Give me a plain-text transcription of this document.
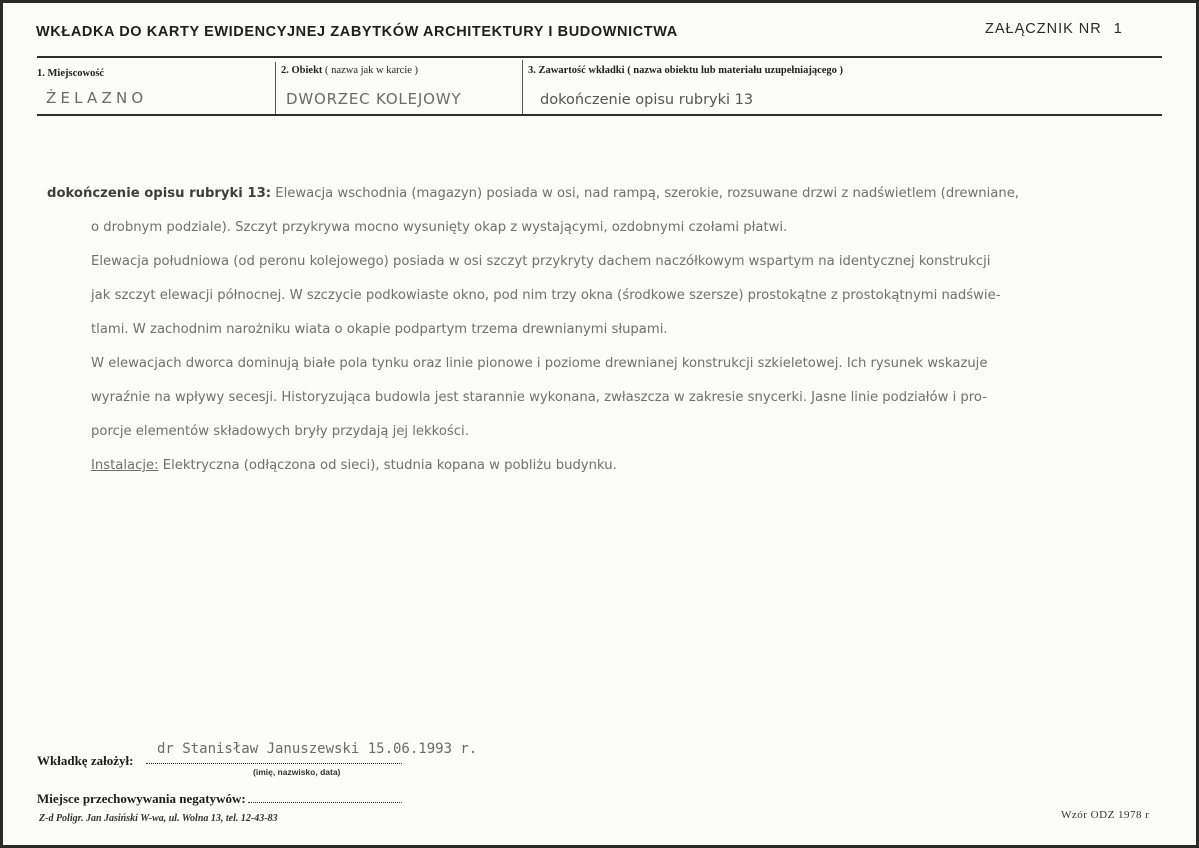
WKŁADKA DO KARTY EWIDENCYJNEJ ZABYTKÓW ARCHITEKTURY I BUDOWNICTWA	ZAŁĄCZNIK NR 1
1. Miejscowość
ŻELAZNO
2. Obiekt ( nazwa jak w karcie )
DWORZEC KOLEJOWY
3. Zawartość wkładki ( nazwa obiektu lub materiału uzupełniającego )
dokończenie opisu rubryki 13
dokończenie opisu rubryki 13: Elewacja wschodnia (magazyn) posiada w osi, nad rampą, szerokie, rozsuwane drzwi z nadświetlem (drewniane,
o drobnym podziale). Szczyt przykrywa mocno wysunięty okap z wystającymi, ozdobnymi czołami płatwi.
Elewacja południowa (od peronu kolejowego) posiada w osi szczyt przykryty dachem naczółkowym wspartym na identycznej konstrukcji
jak szczyt elewacji północnej. W szczycie podkowiaste okno, pod nim trzy okna (środkowe szersze) prostokątne z prostokątnymi nadświe-
tlami. W zachodnim narożniku wiata o okapie podpartym trzema drewnianymi słupami.
W elewacjach dworca dominują białe pola tynku oraz linie pionowe i poziome drewnianej konstrukcji szkieletowej. Ich rysunek wskazuje
wyraźnie na wpływy secesji. Historyzująca budowla jest starannie wykonana, zwłaszcza w zakresie snycerki. Jasne linie podziałów i pro-
porcje elementów składowych bryły przydają jej lekkości.
Instalacje: Elektryczna (odłączona od sieci), studnia kopana w pobliżu budynku.
Wkładkę założył:
dr Stanisław Januszewski 15.06.1993 r.
(imię, nazwisko, data)
Miejsce przechowywania negatywów:
Z-d Poligr. Jan Jasiński W-wa, ul. Wolna 13, tel. 12-43-83	Wzór ODZ 1978 r
